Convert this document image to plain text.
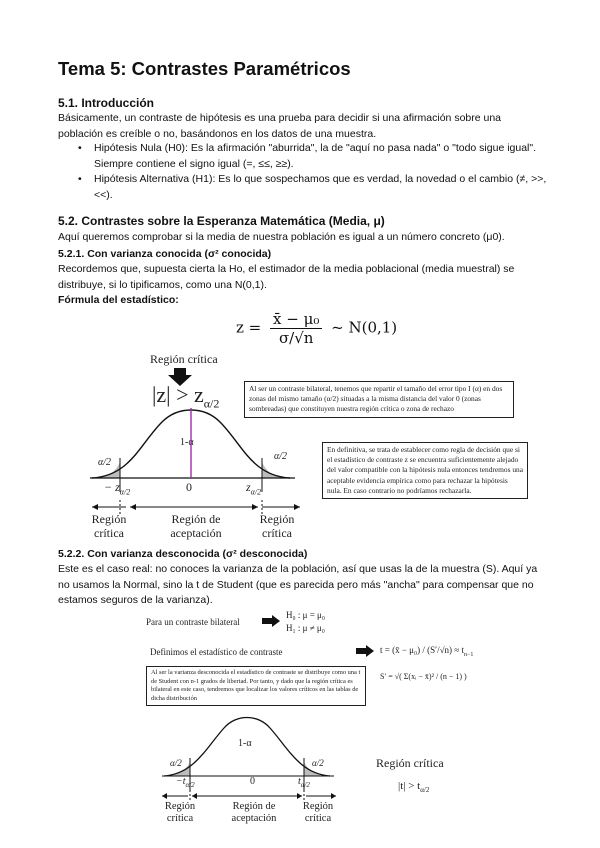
Tema 5: Contrastes Paramétricos
5.1. Introducción
Básicamente, un contraste de hipótesis es una prueba para decidir si una afirmación sobre una población es creíble o no, basándonos en los datos de una muestra.
• Hipótesis Nula (H0): Es la afirmación "aburrida", la de "aquí no pasa nada" o "todo sigue igual". Siempre contiene el signo igual (=, ≤≤, ≥≥).
• Hipótesis Alternativa (H1): Es lo que sospechamos que es verdad, la novedad o el cambio (≠, >>, <<).
5.2. Contrastes sobre la Esperanza Matemática (Media, μ)
Aquí queremos comprobar si la media de nuestra población es igual a un número concreto (μ0).
5.2.1. Con varianza conocida (σ² conocida)
Recordemos que, supuesta cierta la Ho, el estimador de la media poblacional (media muestral) se distribuye, si lo tipificamos, como una N(0,1).
Fórmula del estadístico:
$z = \frac{\text{x̄ − μ₀}}{\sigma/√n}$ ~ N(0,1)
Región crítica
$|z| > z_{\alpha/2}$
1-α
α/2
α/2
− $z_{\alpha/2}$	0	$z_{\alpha/2}$
Región crítica
Región de aceptación
Región crítica
Al ser un contraste bilateral, tenemos que repartir el tamaño del error tipo I (α) en dos zonas del mismo tamaño (α/2) situadas a la misma distancia del valor 0 (zonas sombreadas) que constituyen nuestra región crítica o zona de rechazo
En definitiva, se trata de establecer como regla de decisión que si el estadístico de contraste z se encuentra suficientemente alejado del valor compatible con la hipótesis nula entonces tendremos una aceptable evidencia empírica como para rechazar la hipótesis nula. En caso contrario no podríamos rechazarla.
5.2.2. Con varianza desconocida (σ² desconocida)
Este es el caso real: no conoces la varianza de la población, así que usas la de la muestra (S). Aquí ya no usamos la Normal, sino la t de Student (que es parecida pero más "ancha" para compensar que no estamos seguros de la varianza).
Para un contraste bilateral
H₀ : μ = μ₀
H₁ : μ ≠ μ₀
Definimos el estadístico de contraste	t = (x̄ − $\mu_0) / (S'/√n) \approx t_{n-1}$
S′ = √( Σ(xᵢ − x̄)² / (n − 1) )
Al ser la varianza desconocida el estadístico de contraste se distribuye como una t de Student con n-1 grados de libertad. Por tanto, y dado que la región crítica es bilateral en este caso, tendremos que localizar los valores críticos en las tablas de dicha distribución
1-α
α/2	α/2
$-t_{\alpha/2}$	0	$t_{\alpha/2}$
Región crítica
Región de aceptación
Región crítica
Región crítica
$|t| > t_{\alpha/2}$
